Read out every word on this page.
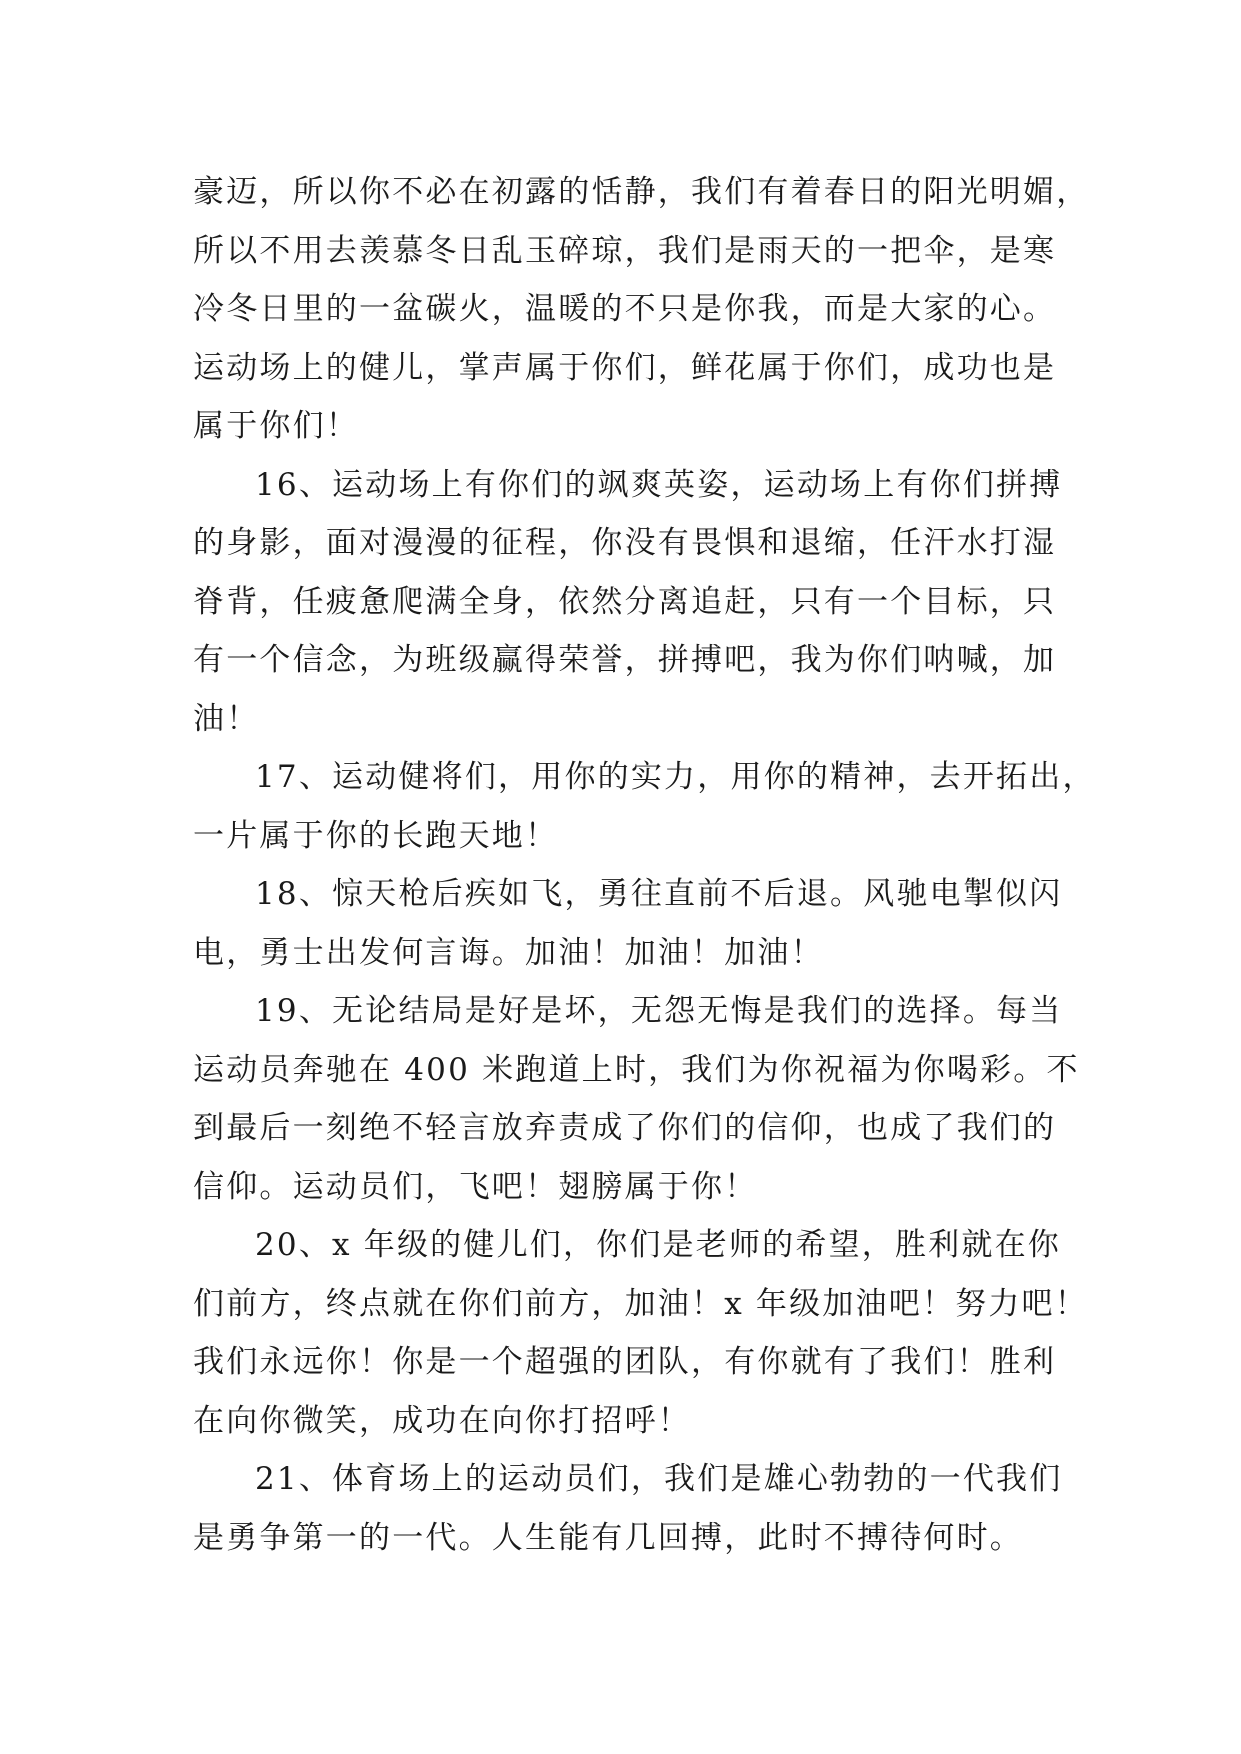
豪迈，所以你不必在初露的恬静，我们有着春日的阳光明媚，
所以不用去羡慕冬日乱玉碎琼，我们是雨天的一把伞，是寒
冷冬日里的一盆碳火，温暖的不只是你我，而是大家的心。
运动场上的健儿，掌声属于你们，鲜花属于你们，成功也是
属于你们！
16、运动场上有你们的飒爽英姿，运动场上有你们拼搏
的身影，面对漫漫的征程，你没有畏惧和退缩，任汗水打湿
脊背，任疲惫爬满全身，依然分离追赶，只有一个目标，只
有一个信念，为班级赢得荣誉，拼搏吧，我为你们呐喊，加
油！
17、运动健将们，用你的实力，用你的精神，去开拓出，
一片属于你的长跑天地！
18、惊天枪后疾如飞，勇往直前不后退。风驰电掣似闪
电，勇士出发何言诲。加油！加油！加油！
19、无论结局是好是坏，无怨无悔是我们的选择。每当
运动员奔驰在 400 米跑道上时，我们为你祝福为你喝彩。不
到最后一刻绝不轻言放弃责成了你们的信仰，也成了我们的
信仰。运动员们，飞吧！翅膀属于你！
20、x 年级的健儿们，你们是老师的希望，胜利就在你
们前方，终点就在你们前方，加油！x 年级加油吧！努力吧！
我们永远你！你是一个超强的团队，有你就有了我们！胜利
在向你微笑，成功在向你打招呼！
21、体育场上的运动员们，我们是雄心勃勃的一代我们
是勇争第一的一代。人生能有几回搏，此时不搏待何时。
